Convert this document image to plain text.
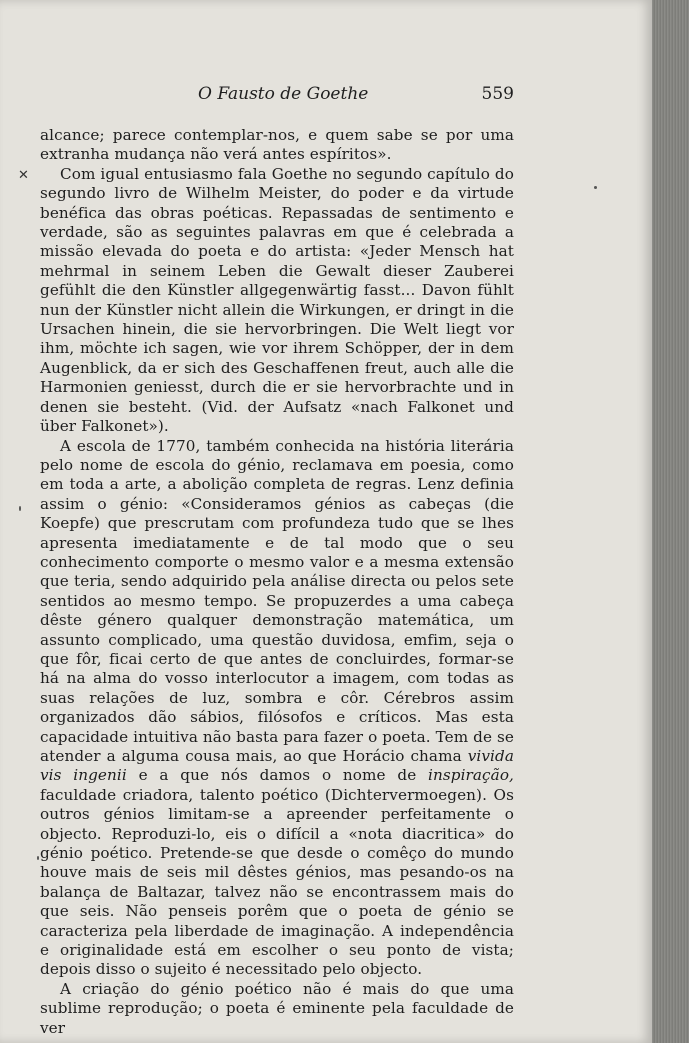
O Fausto de Goethe	559
✕

alcance; parece contemplar-nos, e quem sabe se por uma extranha mudança não verá antes espíritos».

Com igual entusiasmo fala Goethe no segundo capítulo do segundo livro de Wilhelm Meister, do poder e da virtude benéfica das obras poéticas. Repassadas de sentimento e verdade, são as seguintes palavras em que é celebrada a missão elevada do poeta e do artista: «Jeder Mensch hat mehrmal in seinem Leben die Gewalt dieser Zauberei gefühlt die den Künstler allgegenwärtig fasst... Davon fühlt nun der Künstler nicht allein die Wirkungen, er dringt in die Ursachen hinein, die sie hervorbringen. Die Welt liegt vor ihm, möchte ich sagen, wie vor ihrem Schöpper, der in dem Augenblick, da er sich des Geschaffenen freut, auch alle die Harmonien geniesst, durch die er sie hervorbrachte und in denen sie besteht. (Vid. der Aufsatz «nach Falkonet und über Falkonet»).

A escola de 1770, também conhecida na história literária pelo nome de escola do génio, reclamava em poesia, como em toda a arte, a abolição completa de regras. Lenz definia assim o génio: «Consideramos génios as cabeças (die Koepfe) que prescrutam com profundeza tudo que se lhes apresenta imediatamente e de tal modo que o seu conhecimento comporte o mesmo valor e a mesma extensão que teria, sendo adquirido pela análise directa ou pelos sete sentidos ao mesmo tempo. Se propuzerdes a uma cabeça dêste género qualquer demonstração matemática, um assunto complicado, uma questão duvidosa, emfim, seja o que fôr, ficai certo de que antes de concluirdes, formar-se há na alma do vosso interlocutor a imagem, com todas as suas relações de luz, sombra e côr. Cérebros assim organizados dão sábios, filósofos e críticos. Mas esta capacidade intuitiva não basta para fazer o poeta. Tem de se atender a alguma cousa mais, ao que Horácio chama vivida vis ingenii e a que nós damos o nome de inspiração, faculdade criadora, talento poético (Dichtervermoegen). Os outros génios limitam-se a apreender perfeitamente o objecto. Reproduzi-lo, eis o difícil a «nota diacritica» do génio poético. Pretende-se que desde o comêço do mundo houve mais de seis mil dêstes génios, mas pesando-os na balança de Baltazar, talvez não se encontrassem mais do que seis. Não penseis porêm que o poeta de génio se caracteriza pela liberdade de imaginação. A independência e originalidade está em escolher o seu ponto de vista; depois disso o sujeito é necessitado pelo objecto.

A criação do génio poético não é mais do que uma sublime reprodução; o poeta é eminente pela faculdade de ver
